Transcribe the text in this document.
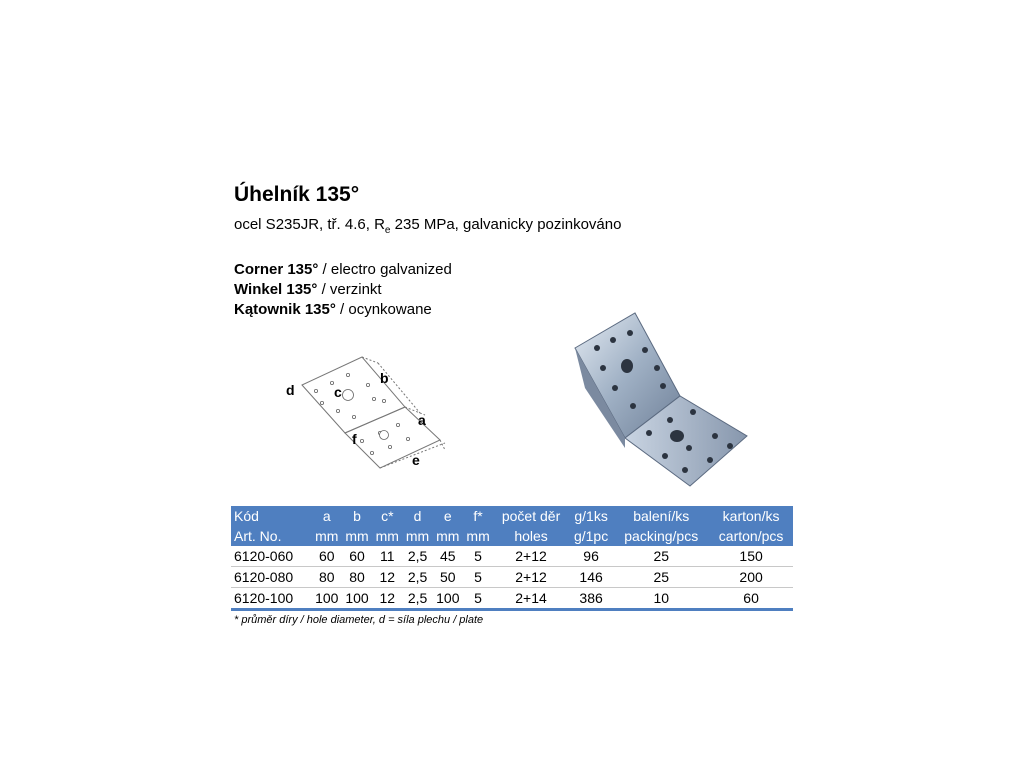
Úhelník 135°
ocel S235JR, tř. 4.6, $R_e$ 235 MPa, galvanicky pozinkováno
Corner 135° / electro galvanized
Winkel 135° / verzinkt
Kątownik 135° / ocynkowane
d	c
b
a
f
e
Kód	a	b	c*	d	e	f*	počet děr	g/1ks	balení/ks	karton/ks
Art. No.	mm	mm	mm	mm	mm	mm	holes	g/1pc	packing/pcs	carton/pcs
6120-060	60	60	11	2,5	45	5	2+12	96	25	150
6120-080	80	80	12	2,5	50	5	2+12	146	25	200
6120-100	100	100	12	2,5	100	5	2+14	386	10	60
* průměr díry / hole diameter, d = síla plechu / plate
